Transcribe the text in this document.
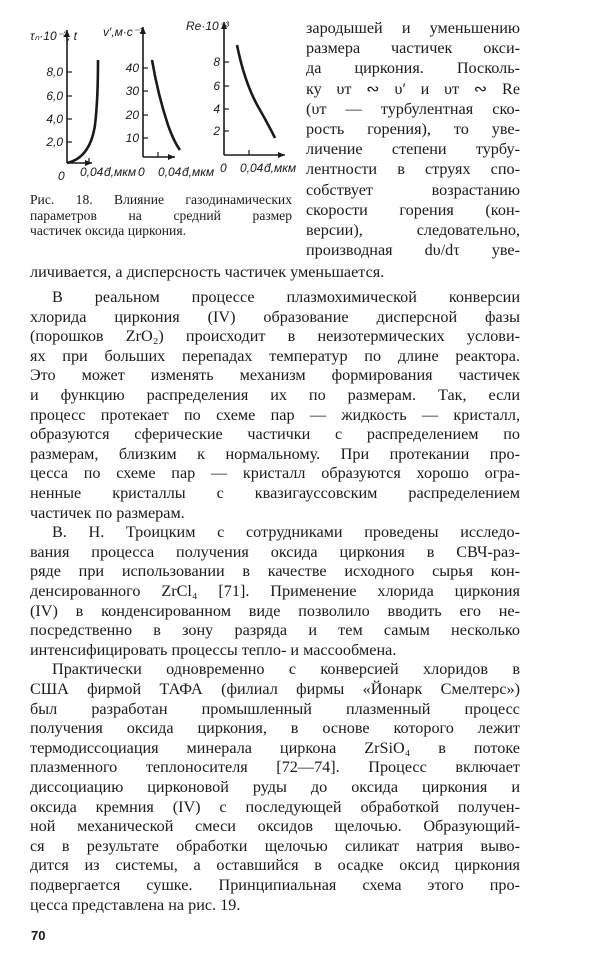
8,0
6,0
4,0
2,0
τₙ·10⁻², t
0 0,04 d̄,мкм
40
30
20
10
v′,м·с⁻¹
0 0,04 d̄,мкм
8
6
4
2
Re·10⁻³
0 0,04 d̄,мкм
Рис. 18. Влияние газодинамических
параметров на средний размер
частичек оксида циркония.
зародышей и уменьшению
размера частичек окси-
да циркония. Посколь-
ку υт ∾ υ′ и υт ∾ Re
(υт — турбулентная ско-
рость горения), то уве-
личение степени турбу-
лентности в струях спо-
собствует возрастанию
скорости горения (кон-
версии), следовательно,
производная dυ/dτ уве-
личивается, а дисперсность частичек уменьшается.
В реальном процессе плазмохимической конверсии
хлорида циркония (IV) образование дисперсной фазы
(порошков ZrO₂) происходит в неизотермических услови-
ях при больших перепадах температур по длине реактора.
Это может изменять механизм формирования частичек
и функцию распределения их по размерам. Так, если
процесс протекает по схеме пар — жидкость — кристалл,
образуются сферические частички с распределением по
размерам, близким к нормальному. При протекании про-
цесса по схеме пар — кристалл образуются хорошо огра-
ненные кристаллы с квазигауссовским распределением
частичек по размерам.
В. Н. Троицким с сотрудниками проведены исследо-
вания процесса получения оксида циркония в СВЧ-раз-
ряде при использовании в качестве исходного сырья кон-
денсированного ZrCl₄ [71]. Применение хлорида циркония
(IV) в конденсированном виде позволило вводить его не-
посредственно в зону разряда и тем самым несколько
интенсифицировать процессы тепло- и массообмена.
Практически одновременно с конверсией хлоридов в
США фирмой ТАФА (филиал фирмы «Йонарк Смелтерс»)
был разработан промышленный плазменный процесс
получения оксида циркония, в основе которого лежит
термодиссоциация минерала циркона ZrSiO₄ в потоке
плазменного теплоносителя [72—74]. Процесс включает
диссоциацию цирконовой руды до оксида циркония и
оксида кремния (IV) с последующей обработкой получен-
ной механической смеси оксидов щелочью. Образующий-
ся в результате обработки щелочью силикат натрия выво-
дится из системы, а оставшийся в осадке оксид циркония
подвергается сушке. Принципиальная схема этого про-
цесса представлена на рис. 19.
70
